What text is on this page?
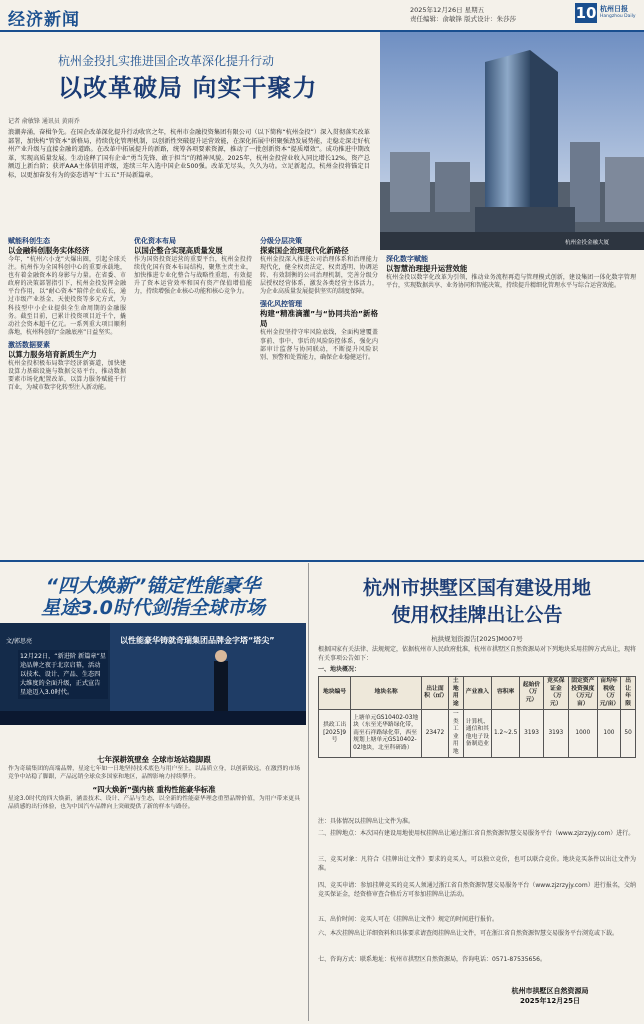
经济新闻	2025年12月26日 星期五
责任编辑：俞敏锋 版式设计：朱莎莎	10 杭州日报
Hangzhou Daily
杭州金投金融大厦
杭州金投扎实推进国企改革深化提升行动
以改革破局 向实干聚力
记者 俞敏锋 通讯员 黄雨乔
浪潮奔涌，奋楫争先。在国企改革深化提升行动收官之年，杭州市金融投资集团有限公司（以下简称“杭州金投”）深入贯彻落实改革部署，加快构“管资本”新格局，持续优化管理机制，以创新性突破提升运营效能，在深化拓展中积聚强劲发展势能，走稳走深走好杭州产业升级与直接金融的道路。在改革中拓展提升的新路，统筹各项要素资源，推动了一批创新资本“提质增效”。成功推进中期改革，实现高质量发展。生动诠释了国有企业“勇当先锋、敢于担当”的精神风貌。2025年，杭州金投营业收入同比增长12%，资产总额迈上新台阶；获评AAA主体信用评级，连续三年入选中国企业500强。改革无尽头，久久为功。立足新起点，杭州金投将锚定目标，以更加奋发有为的姿态谱写“十五五”开局新篇章。
赋能科创生态
以金融科创服务实体经济
今年，“杭州六小龙”火爆出圈，引起全球关注。杭州作为全国科创中心的重要承载地，也有着金融资本的身影与力量。在省委、市政府的决策部署指引下，杭州金投发挥金融平台作用，以“耐心资本”陪伴企业成长，通过市级产业基金、天使投资等多元方式，为科技型中小企业提供全生命周期的金融服务。截至目前，已累计投资项目近千个，撬动社会资本超千亿元。一系列重大项目顺利落地，杭州科创的“金融底座”日益坚实。
激活数据要素
以算力服务培育新质生产力
杭州金投积极布局数字经济新赛道，加快建设算力基础设施与数据交易平台，推动数据要素市场化配置改革，以算力服务赋能千行百业，为城市数字化转型注入新动能。
优化资本布局
以国企整合实现高质量发展
作为国资投资运营的重要平台，杭州金投持续优化国有资本布局结构，聚焦主责主业，加快推进专业化整合与战略性重组，有效提升了资本运营效率和国有资产保值增值能力，持续增强企业核心功能和核心竞争力。
分级分层决策
探索国企治理现代化新路径
杭州金投深入推进公司治理体系和治理能力现代化，健全权责法定、权责透明、协调运转、有效制衡的公司治理机制，完善分级分层授权经营体系，激发各类经营主体活力，为企业高质量发展提供坚实的制度保障。
强化风控管理
构建“精准滴灌”与“协同共治”新格局
杭州金投坚持守牢风险底线，全面构建覆盖事前、事中、事后的风险防控体系，强化内部审计监督与协同联动，不断提升风险识别、预警和处置能力，确保企业稳健运行。
深化数字赋能
以智慧治理提升运营效能
杭州金投以数字化改革为引领，推动业务流程再造与管理模式创新，建设集团一体化数字管理平台，实现数据共享、业务协同和智能决策，持续提升精细化管理水平与综合运营效能。
“四大焕新”锚定性能豪华
星途3.0时代剑指全球市场
文/郭思亮	以性能豪华铸就奇瑞集团品牌金字塔“塔尖”
12月22日，“新进阶 新篇章”星途品牌之夜于北京启幕，活动以技术、设计、产品、生态四大维度的全面升级，正式宣告星途迈入3.0时代。
七年深耕筑壁垒 全球市场站稳脚跟
作为奇瑞集团的高端品牌，星途七年如一日地坚持技术底色与用户至上，以品质立身，以创新致远，在激烈的市场竞争中站稳了脚跟，产品远销全球众多国家和地区，品牌影响力持续攀升。
“四大焕新”强内核 重构性能豪华标准
星途3.0时代的四大焕新，涵盖技术、设计、产品与生态，以全新的性能豪华理念重塑品牌价值，为用户带来更具品质感的出行体验，也为中国汽车品牌向上突破提供了新的样本与路径。
杭州市拱墅区国有建设用地
使用权挂牌出让公告
杭拱规划资源告[2025]M007号
根据国家有关法律、法规规定，依据杭州市人民政府批准，杭州市拱墅区自然资源局对下列地块采用挂牌方式出让，现将有关事项公告如下：
一、地块概况：
地块编号	地块名称	出让面积（㎡）	土地用途	产业准入	容积率	起始价（万元）	竞买保证金（万元）	固定资产投资强度（万元/亩）	亩均年税收（万元/亩）	出让年限
拱政工出[2025]9号	上塘单元GS10402-03地块（东至光华路绿化带，南至石祥路绿化带，西至规划上塘单元GS10402-02地块，北至科研路）	23472	一类工业用地	计算机、通信和其他电子设备制造业	1.2~2.5	3193	3193	1000	100	50
注：具体情况以挂牌出让文件为准。
二、挂牌地点：本次国有建设用地使用权挂牌出让通过浙江省自然资源智慧交易服务平台（www.zjzrzyjy.com）进行。
三、竞买对象：凡符合《挂牌出让文件》要求的竞买人，可以独立竞价，也可以联合竞价。地块竞买条件以出让文件为准。
四、竞买申请：参加挂牌竞买的竞买人须通过浙江省自然资源智慧交易服务平台（www.zjzrzyjy.com）进行报名，交纳竞买保证金，经资格审查合格后方可参加挂牌出让活动。
五、出价时间：竞买人可在《挂牌出让文件》规定的时间进行报价。
六、本次挂牌出让详细资料和具体要求请查阅挂牌出让文件，可在浙江省自然资源智慧交易服务平台浏览或下载。
七、咨询方式：联系地址：杭州市拱墅区自然资源局，咨询电话：0571-87535656。
杭州市拱墅区自然资源局
2025年12月25日
